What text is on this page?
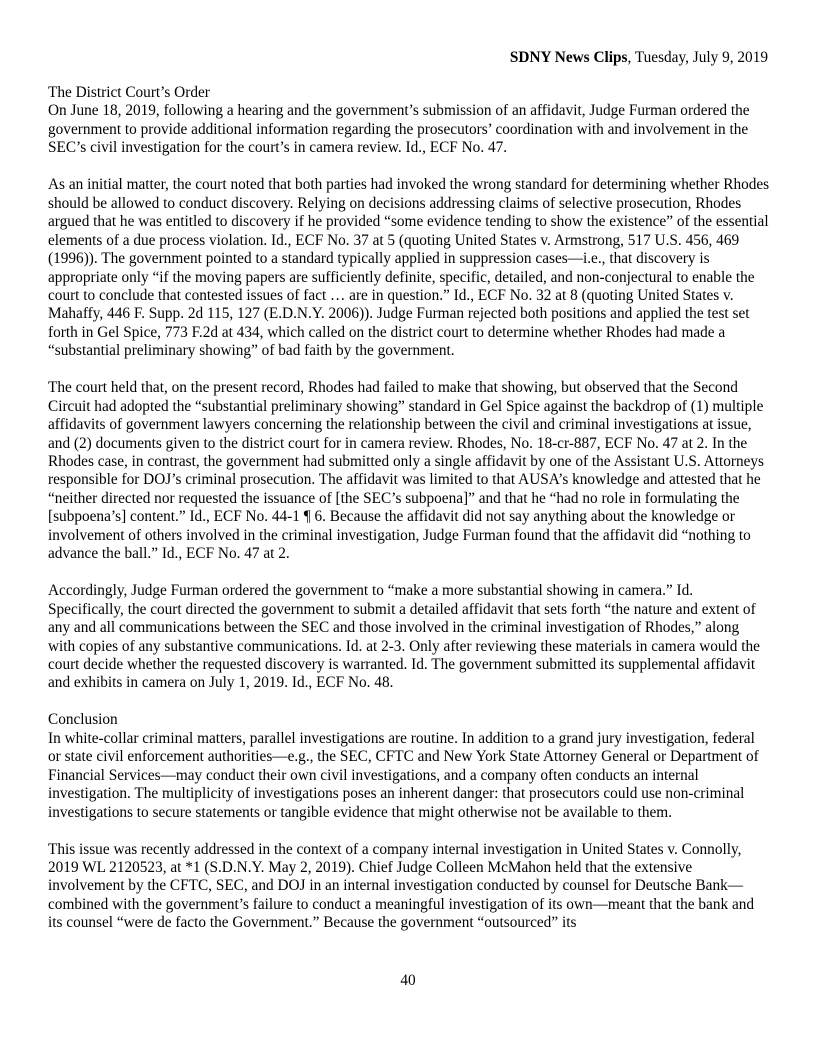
SDNY News Clips, Tuesday, July 9, 2019

The District Court’s Order

On June 18, 2019, following a hearing and the government’s submission of an affidavit, Judge Furman ordered the government to provide additional information regarding the prosecutors’ coordination with and involvement in the SEC’s civil investigation for the court’s in camera review. Id., ECF No. 47.

As an initial matter, the court noted that both parties had invoked the wrong standard for determining whether Rhodes should be allowed to conduct discovery. Relying on decisions addressing claims of selective prosecution, Rhodes argued that he was entitled to discovery if he provided “some evidence tending to show the existence” of the essential elements of a due process violation. Id., ECF No. 37 at 5 (quoting United States v. Armstrong, 517 U.S. 456, 469 (1996)). The government pointed to a standard typically applied in suppression cases—i.e., that discovery is appropriate only “if the moving papers are sufficiently definite, specific, detailed, and non-conjectural to enable the court to conclude that contested issues of fact … are in question.” Id., ECF No. 32 at 8 (quoting United States v. Mahaffy, 446 F. Supp. 2d 115, 127 (E.D.N.Y. 2006)). Judge Furman rejected both positions and applied the test set forth in Gel Spice, 773 F.2d at 434, which called on the district court to determine whether Rhodes had made a “substantial preliminary showing” of bad faith by the government.

The court held that, on the present record, Rhodes had failed to make that showing, but observed that the Second Circuit had adopted the “substantial preliminary showing” standard in Gel Spice against the backdrop of (1) multiple affidavits of government lawyers concerning the relationship between the civil and criminal investigations at issue, and (2) documents given to the district court for in camera review. Rhodes, No. 18-cr-887, ECF No. 47 at 2. In the Rhodes case, in contrast, the government had submitted only a single affidavit by one of the Assistant U.S. Attorneys responsible for DOJ’s criminal prosecution. The affidavit was limited to that AUSA’s knowledge and attested that he “neither directed nor requested the issuance of [the SEC’s subpoena]” and that he “had no role in formulating the [subpoena’s] content.” Id., ECF No. 44-1 ¶ 6. Because the affidavit did not say anything about the knowledge or involvement of others involved in the criminal investigation, Judge Furman found that the affidavit did “nothing to advance the ball.” Id., ECF No. 47 at 2.

Accordingly, Judge Furman ordered the government to “make a more substantial showing in camera.” Id. Specifically, the court directed the government to submit a detailed affidavit that sets forth “the nature and extent of any and all communications between the SEC and those involved in the criminal investigation of Rhodes,” along with copies of any substantive communications. Id. at 2-3. Only after reviewing these materials in camera would the court decide whether the requested discovery is warranted. Id. The government submitted its supplemental affidavit and exhibits in camera on July 1, 2019. Id., ECF No. 48.

Conclusion

In white-collar criminal matters, parallel investigations are routine. In addition to a grand jury investigation, federal or state civil enforcement authorities—e.g., the SEC, CFTC and New York State Attorney General or Department of Financial Services—may conduct their own civil investigations, and a company often conducts an internal investigation. The multiplicity of investigations poses an inherent danger: that prosecutors could use non-criminal investigations to secure statements or tangible evidence that might otherwise not be available to them.

This issue was recently addressed in the context of a company internal investigation in United States v. Connolly, 2019 WL 2120523, at *1 (S.D.N.Y. May 2, 2019). Chief Judge Colleen McMahon held that the extensive involvement by the CFTC, SEC, and DOJ in an internal investigation conducted by counsel for Deutsche Bank—combined with the government’s failure to conduct a meaningful investigation of its own—meant that the bank and its counsel “were de facto the Government.” Because the government “outsourced” its

40
